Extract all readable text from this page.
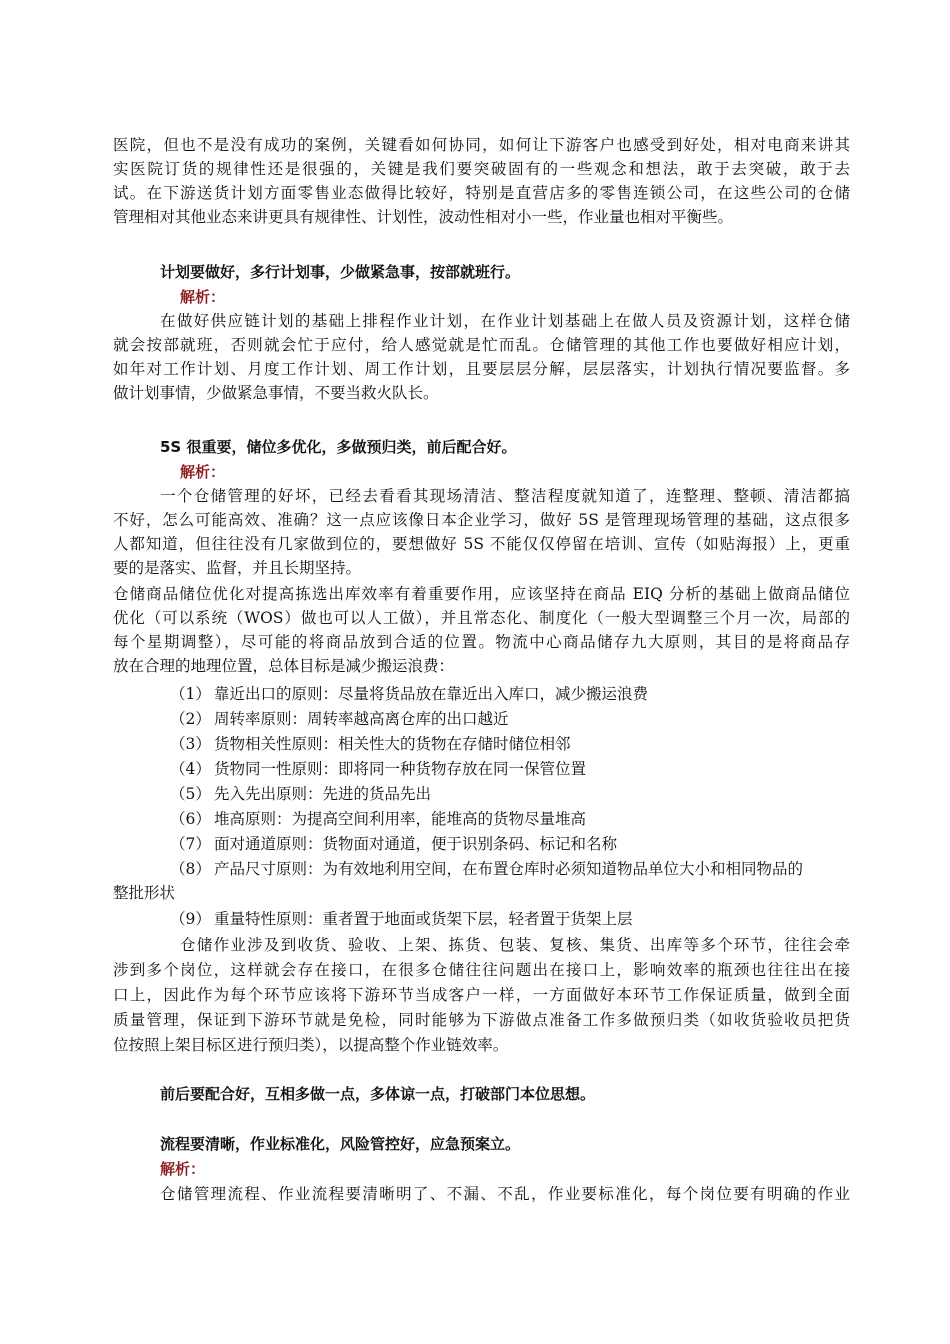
医院，但也不是没有成功的案例，关键看如何协同，如何让下游客户也感受到好处，相对电商来讲其
实医院订货的规律性还是很强的，关键是我们要突破固有的一些观念和想法，敢于去突破，敢于去
试。在下游送货计划方面零售业态做得比较好，特别是直营店多的零售连锁公司，在这些公司的仓储
管理相对其他业态来讲更具有规律性、计划性，波动性相对小一些，作业量也相对平衡些。
计划要做好，多行计划事，少做紧急事，按部就班行。
解析：
在做好供应链计划的基础上排程作业计划，在作业计划基础上在做人员及资源计划，这样仓储
就会按部就班，否则就会忙于应付，给人感觉就是忙而乱。仓储管理的其他工作也要做好相应计划，
如年对工作计划、月度工作计划、周工作计划，且要层层分解，层层落实，计划执行情况要监督。多
做计划事情，少做紧急事情，不要当救火队长。
5S 很重要，储位多优化，多做预归类，前后配合好。
解析：
一个仓储管理的好坏，已经去看看其现场清洁、整洁程度就知道了，连整理、整顿、清洁都搞
不好，怎么可能高效、准确？这一点应该像日本企业学习，做好 5S 是管理现场管理的基础，这点很多
人都知道，但往往没有几家做到位的，要想做好 5S 不能仅仅停留在培训、宣传（如贴海报）上，更重
要的是落实、监督，并且长期坚持。
仓储商品储位优化对提高拣选出库效率有着重要作用，应该坚持在商品 EIQ 分析的基础上做商品储位
优化（可以系统（WOS）做也可以人工做），并且常态化、制度化（一般大型调整三个月一次，局部的
每个星期调整），尽可能的将商品放到合适的位置。物流中心商品储存九大原则，其目的是将商品存
放在合理的地理位置，总体目标是减少搬运浪费：
（1） 靠近出口的原则：尽量将货品放在靠近出入库口，减少搬运浪费
（2） 周转率原则：周转率越高离仓库的出口越近
（3） 货物相关性原则：相关性大的货物在存储时储位相邻
（4） 货物同一性原则：即将同一种货物存放在同一保管位置
（5） 先入先出原则：先进的货品先出
（6） 堆高原则：为提高空间利用率，能堆高的货物尽量堆高
（7） 面对通道原则：货物面对通道，便于识别条码、标记和名称
（8） 产品尺寸原则：为有效地利用空间，在布置仓库时必须知道物品单位大小和相同物品的
整批形状
（9） 重量特性原则：重者置于地面或货架下层，轻者置于货架上层
仓储作业涉及到收货、验收、上架、拣货、包装、复核、集货、出库等多个环节，往往会牵
涉到多个岗位，这样就会存在接口，在很多仓储往往问题出在接口上，影响效率的瓶颈也往往出在接
口上，因此作为每个环节应该将下游环节当成客户一样，一方面做好本环节工作保证质量，做到全面
质量管理，保证到下游环节就是免检，同时能够为下游做点准备工作多做预归类（如收货验收员把货
位按照上架目标区进行预归类），以提高整个作业链效率。
前后要配合好，互相多做一点，多体谅一点，打破部门本位思想。
流程要清晰，作业标准化，风险管控好，应急预案立。
解析：
仓储管理流程、作业流程要清晰明了、不漏、不乱，作业要标准化，每个岗位要有明确的作业
